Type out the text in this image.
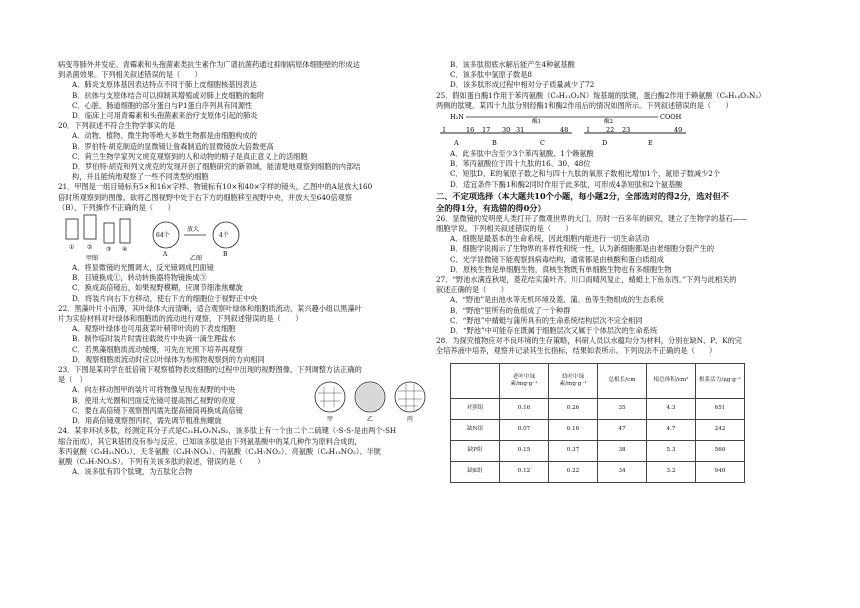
病变等肺外并发症。青霉素和头孢菌素类抗生素作为广谱抗菌药通过抑制病原体细胞壁的形成达
到杀菌效果。下列相关叙述错误的是（　　）
A．肺炎支原体基因表达特点不同于肺上皮细胞核基因表达
B．抗体与支原体结合可以抑制其增殖或对肺上皮细胞的黏附
C．心脏、肠道细胞的部分蛋白与P1蛋白序列具有同源性
D．临床上可用青霉素和头孢菌素来治疗支原体引起的肺炎
20．下列叙述不符合生物学事实的是
A．动物、植物、微生物等绝大多数生物都是由细胞构成的
B．罗伯特·胡克制造的显微镜让詹森制造的显微镜放大倍数更高
C．荷兰生物学家列文虎克观察到的人和动物的精子是真正意义上的活细胞
D．罗伯特·胡克和列文虎克的发现开创了细胞研究的新领域，能清楚地观察到细胞的内部结
构，并且能统地观察了一些不同类型的细胞
21．甲图是一组目镜标有5×和16×字样、物镜标有10×和40×字样的镜头，乙图中的A是放大160
倍时所观察到的图像。欲将乙图视野中处于右下方的细胞移至视野中央，并放大至640倍观察
（B），下列操作不正确的是（　　）
① ② ③ ④
甲图	乙图
64个	4个
A	B
放大
A．将显微镜的光圈调大，反光镜调成凹面镜
B．目镜换成①，转动转换器将物镜换成③
C．换成高倍镜后，如果视野模糊，应调节细准焦螺旋
D．将装片向右下方移动，使右下方的细胞位于视野正中央
22．黑藻叶片小而薄，其叶绿体大而清晰，适合观察叶绿体和细胞质流动，某兴趣小组以黑藻叶
片为实验材料对叶绿体和细胞质的流动进行观察，下列叙述错误的是（　　）
A．观察叶绿体也可用菠菜叶稍带叶肉的下表皮细胞
B．制作临时装片时需往载玻片中央滴一滴生理盐水
C．若黑藻细胞质流动缓慢，可先在光照下培养再观察
D．观察细胞质流动时应以叶绿体为参照物观察到的方向相同
23．下图是某同学在低倍镜下观察植物表皮细胞的过程中出现的视野图像，下列调整方法正确的
是（　）
A．向左移动图甲的装片可将物像呈现在视野的中央
B．使用大光圈和凹面反光镜可提高图乙视野的亮度
C．要在高倍镜下观察图丙需先提高镜筒再换成高倍镜
D．用高倍镜观察图丙时，需先调节粗准焦螺旋	甲	乙	丙
24．某非环状多肽，经测定其分子式是C₂₁HₓOᵧN₄S₂，该多肽上有一个由二个二硫键（-S-S-是由两个-SH
缩合而成），其它R基团没有参与反应，已知该多肽是由下列氨基酸中的某几种作为原料合成的，
苯丙氨酸（C₉H₁₁NO₂）、天冬氨酸（C₄H₇NO₄）、丙氨酸（C₃H₇NO₂）、亮氨酸（C₆H₁₃NO₂）、半胱
氨酸（C₃H₇NO₂S）。下列有关该多肽的叙述，错误的是（　　）
A．该多肽有四个肽键，为五肽化合物
B．该多肽彻底水解后能产生4种氨基酸
C．该多肽中氢原子数是8
D．该多肽形成过程中相对分子质量减少了72
25．假如蛋白酶1作用于苯丙氨酸（C₉H₁₁O₂N）羧基端的肽键，蛋白酶2作用于赖氨酸（C₆H₁₄O₂N₂）
两侧的肽键。某四十九肽分别经酶1和酶2作用后的情况如图所示。下列叙述错误的是（　　）
H₂N	COOH
酶1	酶2
1	16 17 30 31	48	1 22 23	49
A	B	C	D	E
A．此多肽中含至少3个苯丙氨酸、1个赖氨酸
B．苯丙氨酸位于四十九肽的16、30、48位
C．短肽D、E的氧原子数之和与四十九肽的氧原子数相比增加1个，氮原子数减少2个
D．适宜条件下酶1和酶2同时作用于此多肽，可形成4条短肽和2个氨基酸
二、不定项选择（本大题共10个小题，每小题2分，全部选对的得2分，选对但不
全的得1分，有选错的得0分）
26．显微镜的发明使人类打开了微观世界的大门，历时一百多年的研究，建立了生物学的基石——
细胞学说。下列相关叙述错误的是（　　）
A．细胞是最基本的生命系统，因此细胞内能进行一切生命活动
B．细胞学说揭示了生物界的多样性和统一性，认为新细胞都是由老细胞分裂产生的
C．光学显微镜下能观察到病毒结构，通常都是由核酸和蛋白质组成
D．原核生物是单细胞生物，真核生物既有单细胞生物也有多细胞生物
27．“野池水满连秋堤，菱花结实蒲叶齐。川口雨晴风复止，蜻蜓上下鱼东西。”下列与此相关的
叙述正确的是（　　）
A．“野池”是由池水等无机环境及菱、蒲、鱼等生物组成的生态系统
B．“野池”里所有的鱼组成了一个种群
C．“野池”中蜻蜓与蒲所具有的生命系统结构层次不完全相同
D．“野池”中可能存在既属于细胞层次又属于个体层次的生命系统
28．为探究植物应对不良环境的生存策略，科研人员以水蕴均分为材料，分别在缺N、P、K的完
全培养液中培养，观察并记录其生长指标，结果如表所示。下列说法不正确的是（　　）
	老叶中绿素/mg·g⁻¹	幼叶中绿素/mg·g⁻¹	总根长/cm	根总体积/cm³	根系活力/μg·g⁻¹
对照组	0.16	0.26	35	4.3	651
缺N组	0.07	0.16	47	4.7	242
缺P组	0.15	0.37	38	5.3	560
缺K组	0.12	0.22	34	3.2	940
